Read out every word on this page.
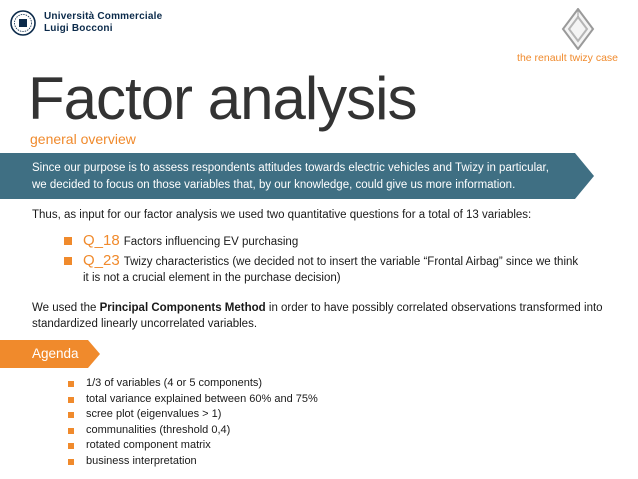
Università Commerciale
Luigi Bocconi
the renault twizy case
Factor analysis
general overview
Since our purpose is to assess respondents attitudes towards electric vehicles and Twizy in particular,
we decided to focus on those variables that, by our knowledge, could give us more information.
Thus, as input for our factor analysis we used two quantitative questions for a total of 13 variables:
Q_18 Factors influencing EV purchasing
Q_23 Twizy characteristics (we decided not to insert the variable “Frontal Airbag” since we think it is not a crucial element in the purchase decision)
We used the Principal Components Method in order to have possibly correlated observations transformed into standardized linearly uncorrelated variables.
Agenda
1/3 of variables (4 or 5 components)
total variance explained between 60% and 75%
scree plot (eigenvalues > 1)
communalities (threshold 0,4)
rotated component matrix
business interpretation
